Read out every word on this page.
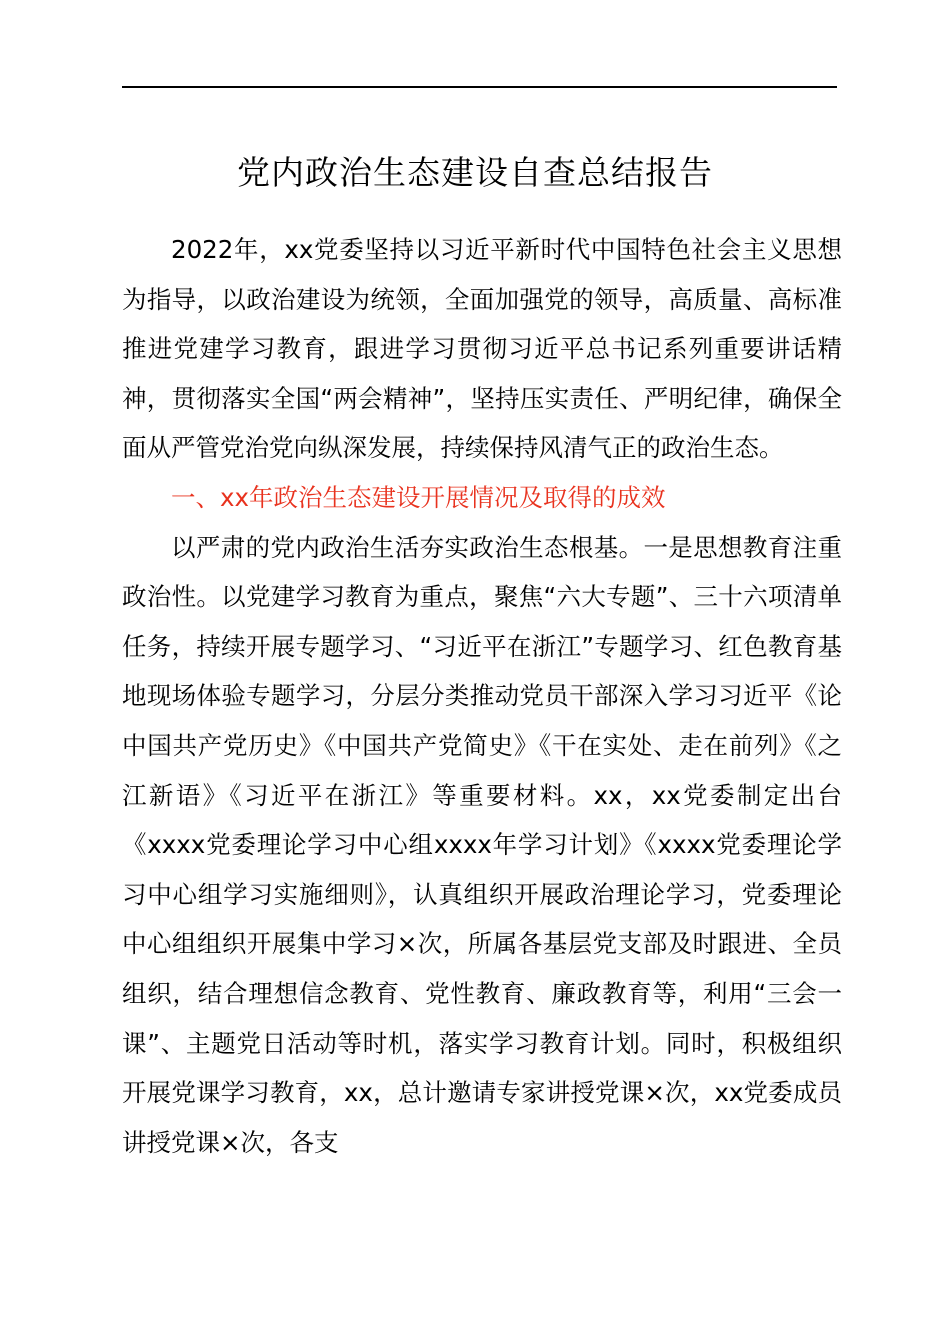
党内政治生态建设自查总结报告

2022年，xx党委坚持以习近平新时代中国特色社会主义思想为指导，以政治建设为统领，全面加强党的领导，高质量、高标准推进党建学习教育，跟进学习贯彻习近平总书记系列重要讲话精神，贯彻落实全国“两会精神”，坚持压实责任、严明纪律，确保全面从严管党治党向纵深发展，持续保持风清气正的政治生态。

一、xx年政治生态建设开展情况及取得的成效

以严肃的党内政治生活夯实政治生态根基。一是思想教育注重政治性。以党建学习教育为重点，聚焦“六大专题”、三十六项清单任务，持续开展专题学习、“习近平在浙江”专题学习、红色教育基地现场体验专题学习，分层分类推动党员干部深入学习习近平《论中国共产党历史》《中国共产党简史》《干在实处、走在前列》《之江新语》《习近平在浙江》等重要材料。xx，xx党委制定出台《xxxx党委理论学习中心组xxxx年学习计划》《xxxx党委理论学习中心组学习实施细则》，认真组织开展政治理论学习，党委理论中心组组织开展集中学习×次，所属各基层党支部及时跟进、全员组织，结合理想信念教育、党性教育、廉政教育等，利用“三会一课”、主题党日活动等时机，落实学习教育计划。同时，积极组织开展党课学习教育，xx，总计邀请专家讲授党课×次，xx党委成员讲授党课×次，各支
